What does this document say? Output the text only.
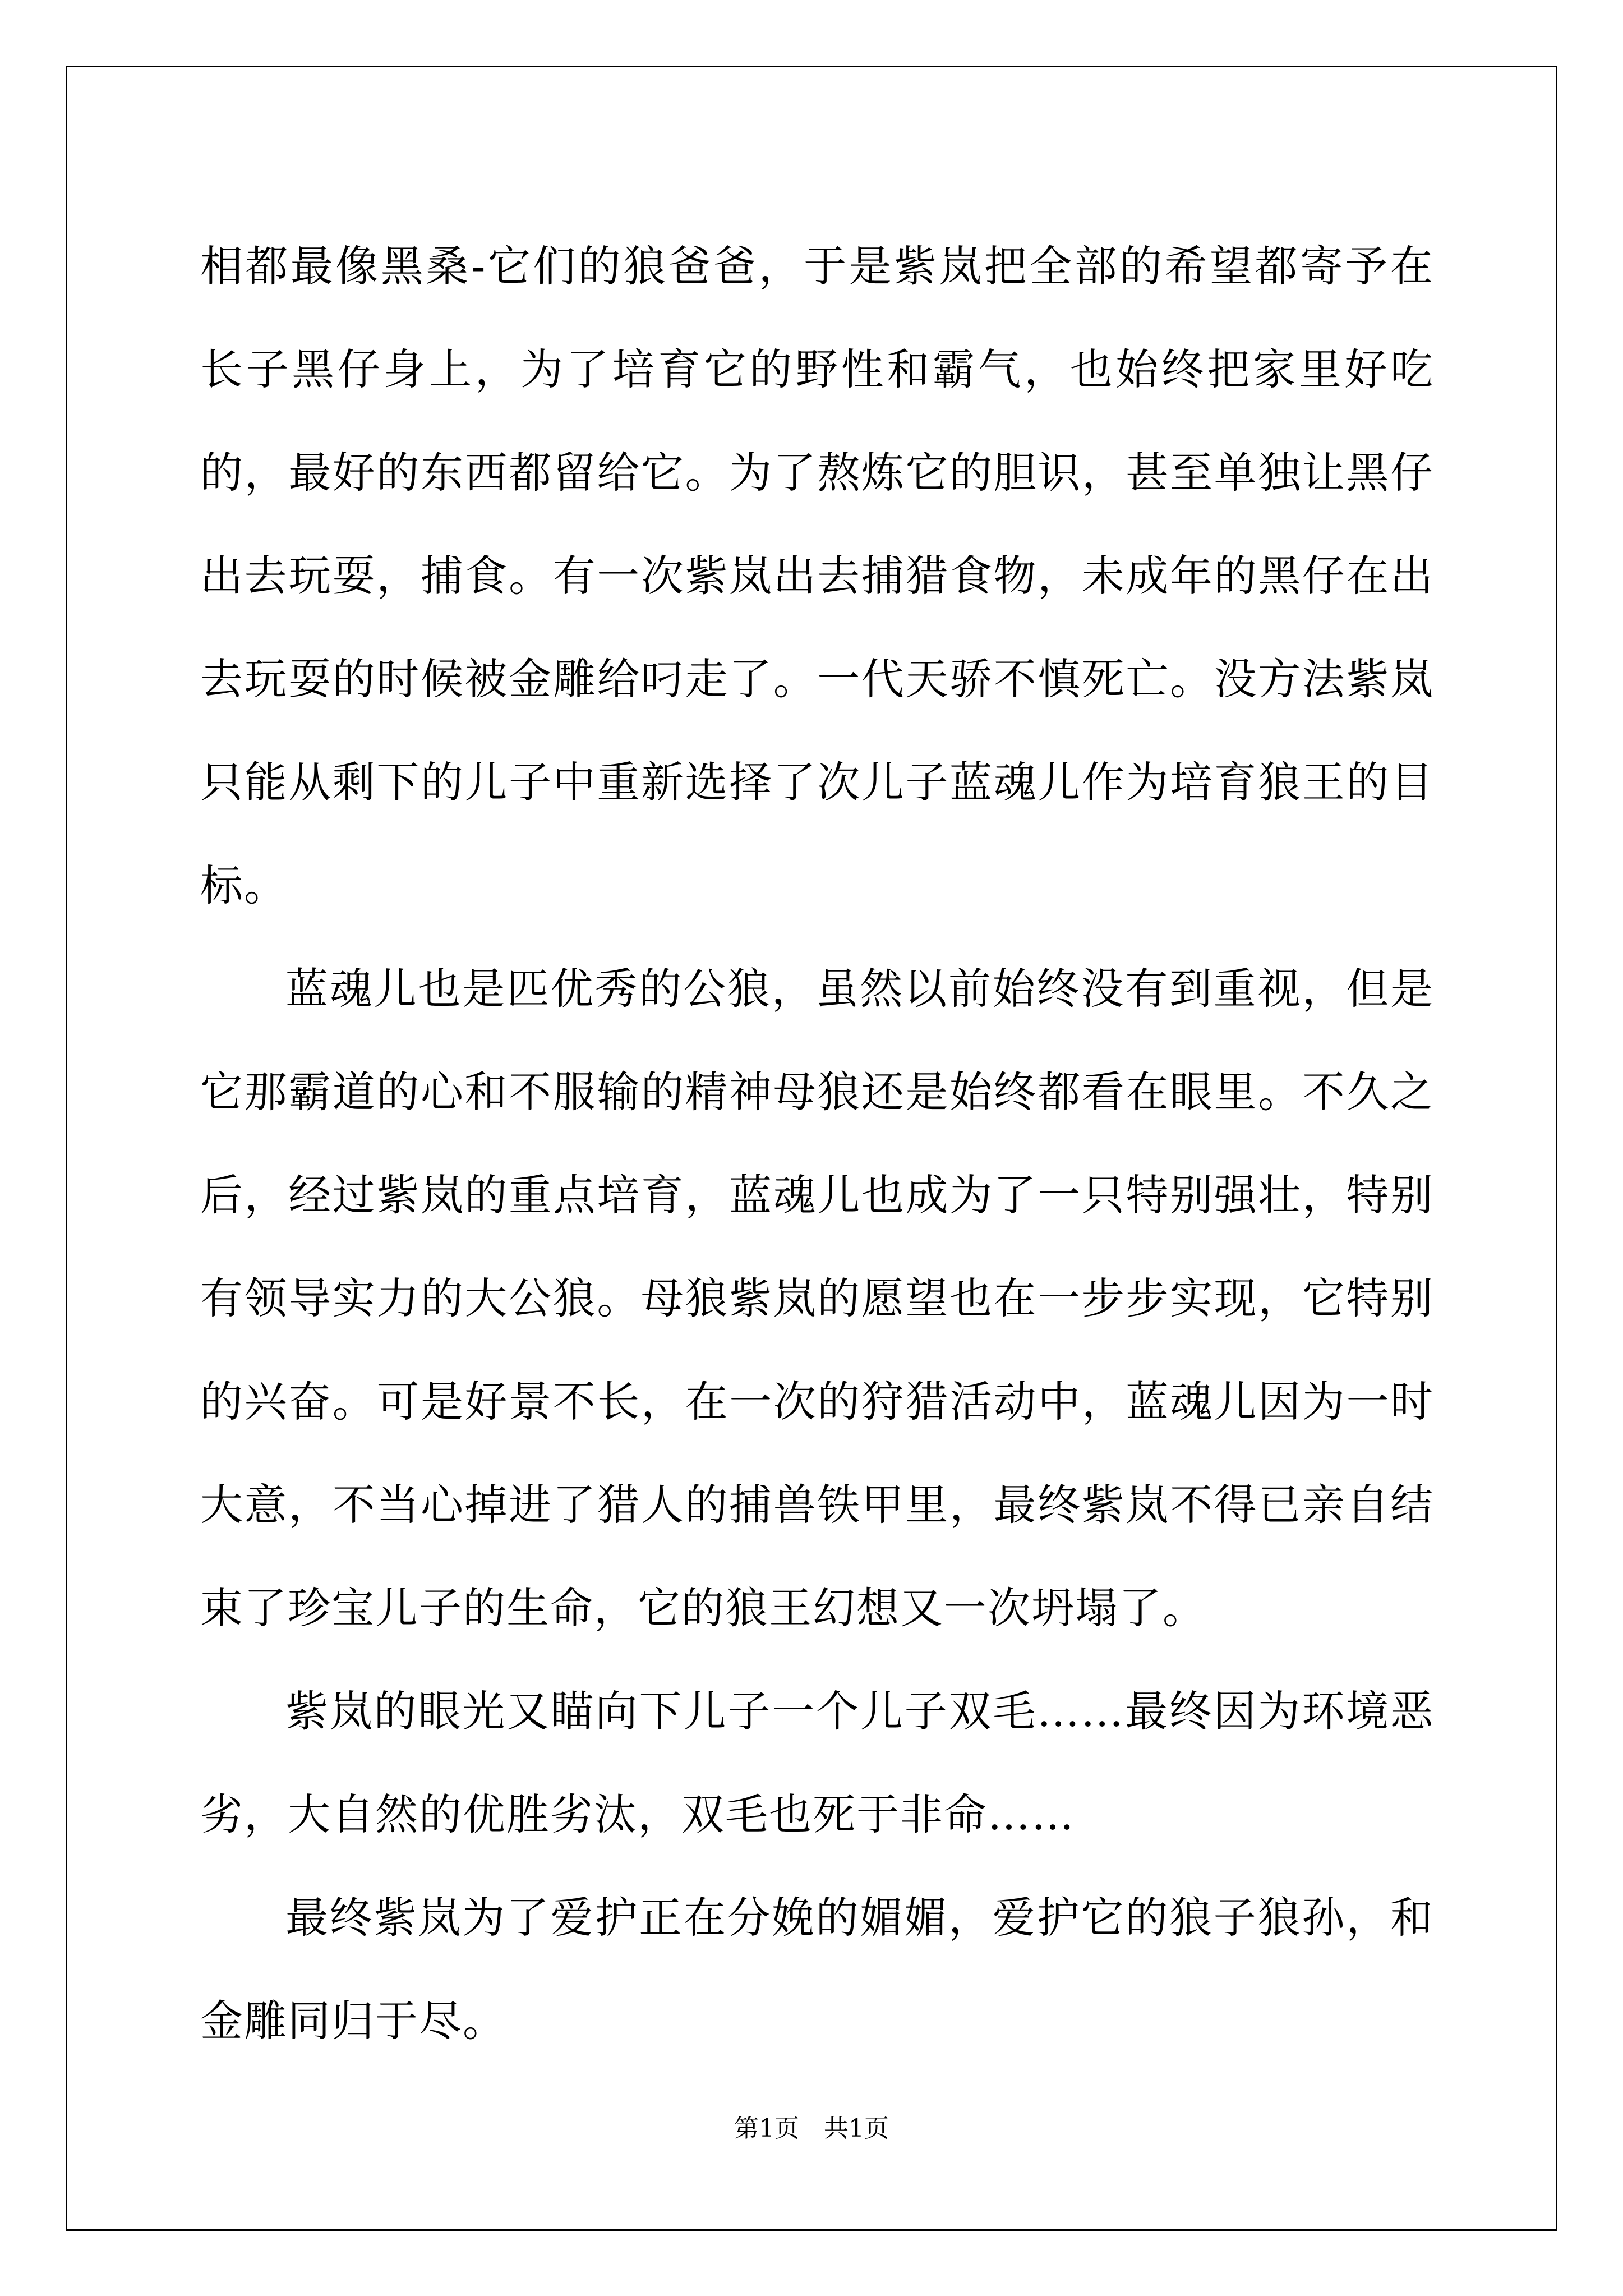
相都最像黑桑-它们的狼爸爸，于是紫岚把全部的希望都寄予在长子黑仔身上，为了培育它的野性和霸气，也始终把家里好吃的，最好的东西都留给它。为了熬炼它的胆识，甚至单独让黑仔出去玩耍，捕食。有一次紫岚出去捕猎食物，未成年的黑仔在出去玩耍的时候被金雕给叼走了。一代天骄不慎死亡。没方法紫岚只能从剩下的儿子中重新选择了次儿子蓝魂儿作为培育狼王的目标。

蓝魂儿也是匹优秀的公狼，虽然以前始终没有到重视，但是它那霸道的心和不服输的精神母狼还是始终都看在眼里。不久之后，经过紫岚的重点培育，蓝魂儿也成为了一只特别强壮，特别有领导实力的大公狼。母狼紫岚的愿望也在一步步实现，它特别的兴奋。可是好景不长，在一次的狩猎活动中，蓝魂儿因为一时大意，不当心掉进了猎人的捕兽铁甲里，最终紫岚不得已亲自结束了珍宝儿子的生命，它的狼王幻想又一次坍塌了。

紫岚的眼光又瞄向下儿子一个儿子双毛……最终因为环境恶劣，大自然的优胜劣汰，双毛也死于非命……

最终紫岚为了爱护正在分娩的媚媚，爱护它的狼子狼孙，和金雕同归于尽。

第1页　共1页
